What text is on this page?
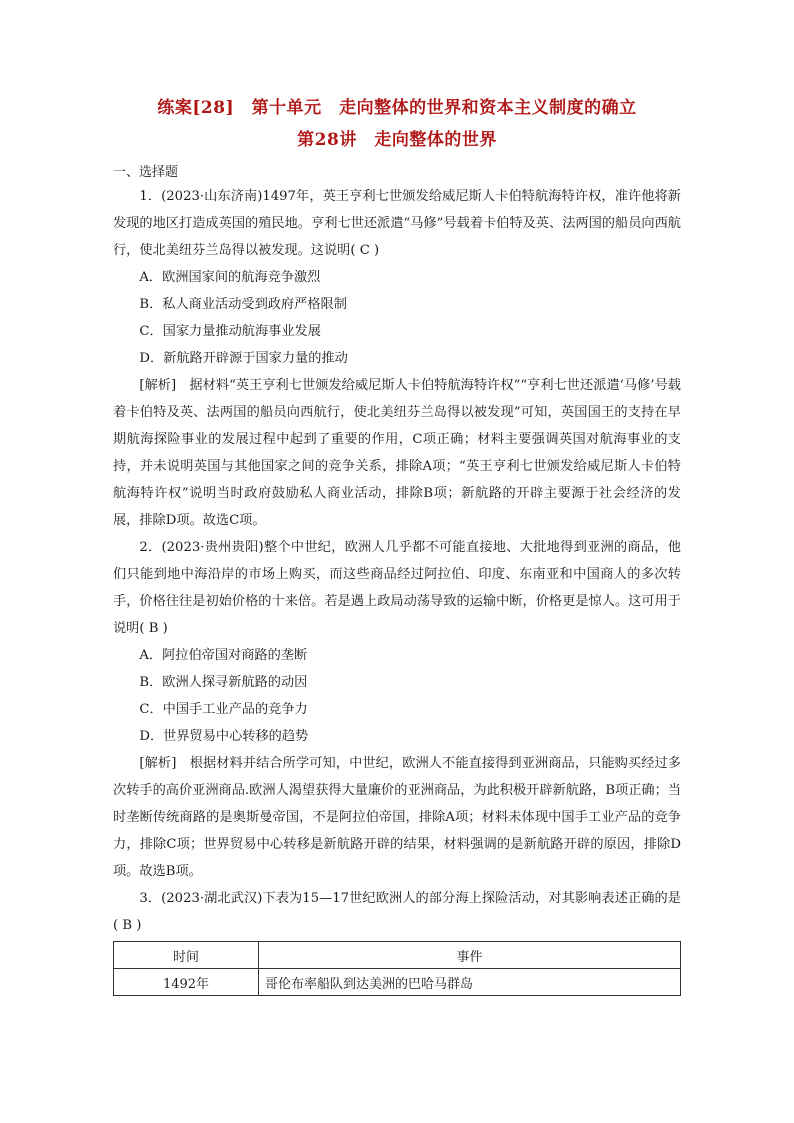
练案[28]　第十单元　走向整体的世界和资本主义制度的确立
第28讲　走向整体的世界
一、选择题

1．(2023·山东济南)1497年，英王亨利七世颁发给威尼斯人卡伯特航海特许权，准许他将新发现的地区打造成英国的殖民地。亨利七世还派遣“马修”号载着卡伯特及英、法两国的船员向西航行，使北美纽芬兰岛得以被发现。这说明( C )

A．欧洲国家间的航海竞争激烈

B．私人商业活动受到政府严格限制

C．国家力量推动航海事业发展

D．新航路开辟源于国家力量的推动

[解析]　据材料“英王亨利七世颁发给威尼斯人卡伯特航海特许权”“亨利七世还派遣‘马修’号载着卡伯特及英、法两国的船员向西航行，使北美纽芬兰岛得以被发现”可知，英国国王的支持在早期航海探险事业的发展过程中起到了重要的作用，C项正确；材料主要强调英国对航海事业的支持，并未说明英国与其他国家之间的竞争关系，排除A项；“英王亨利七世颁发给威尼斯人卡伯特航海特许权”说明当时政府鼓励私人商业活动，排除B项；新航路的开辟主要源于社会经济的发展，排除D项。故选C项。

2．(2023·贵州贵阳)整个中世纪，欧洲人几乎都不可能直接地、大批地得到亚洲的商品，他们只能到地中海沿岸的市场上购买，而这些商品经过阿拉伯、印度、东南亚和中国商人的多次转手，价格往往是初始价格的十来倍。若是遇上政局动荡导致的运输中断，价格更是惊人。这可用于说明( B )

A．阿拉伯帝国对商路的垄断

B．欧洲人探寻新航路的动因

C．中国手工业产品的竞争力

D．世界贸易中心转移的趋势

[解析]　根据材料并结合所学可知，中世纪，欧洲人不能直接得到亚洲商品，只能购买经过多次转手的高价亚洲商品.欧洲人渴望获得大量廉价的亚洲商品，为此积极开辟新航路，B项正确；当时垄断传统商路的是奥斯曼帝国，不是阿拉伯帝国，排除A项；材料未体现中国手工业产品的竞争力，排除C项；世界贸易中心转移是新航路开辟的结果，材料强调的是新航路开辟的原因，排除D项。故选B项。

3．(2023·湖北武汉)下表为15—17世纪欧洲人的部分海上探险活动，对其影响表述正确的是( B )

时间	事件
1492年	哥伦布率船队到达美洲的巴哈马群岛
